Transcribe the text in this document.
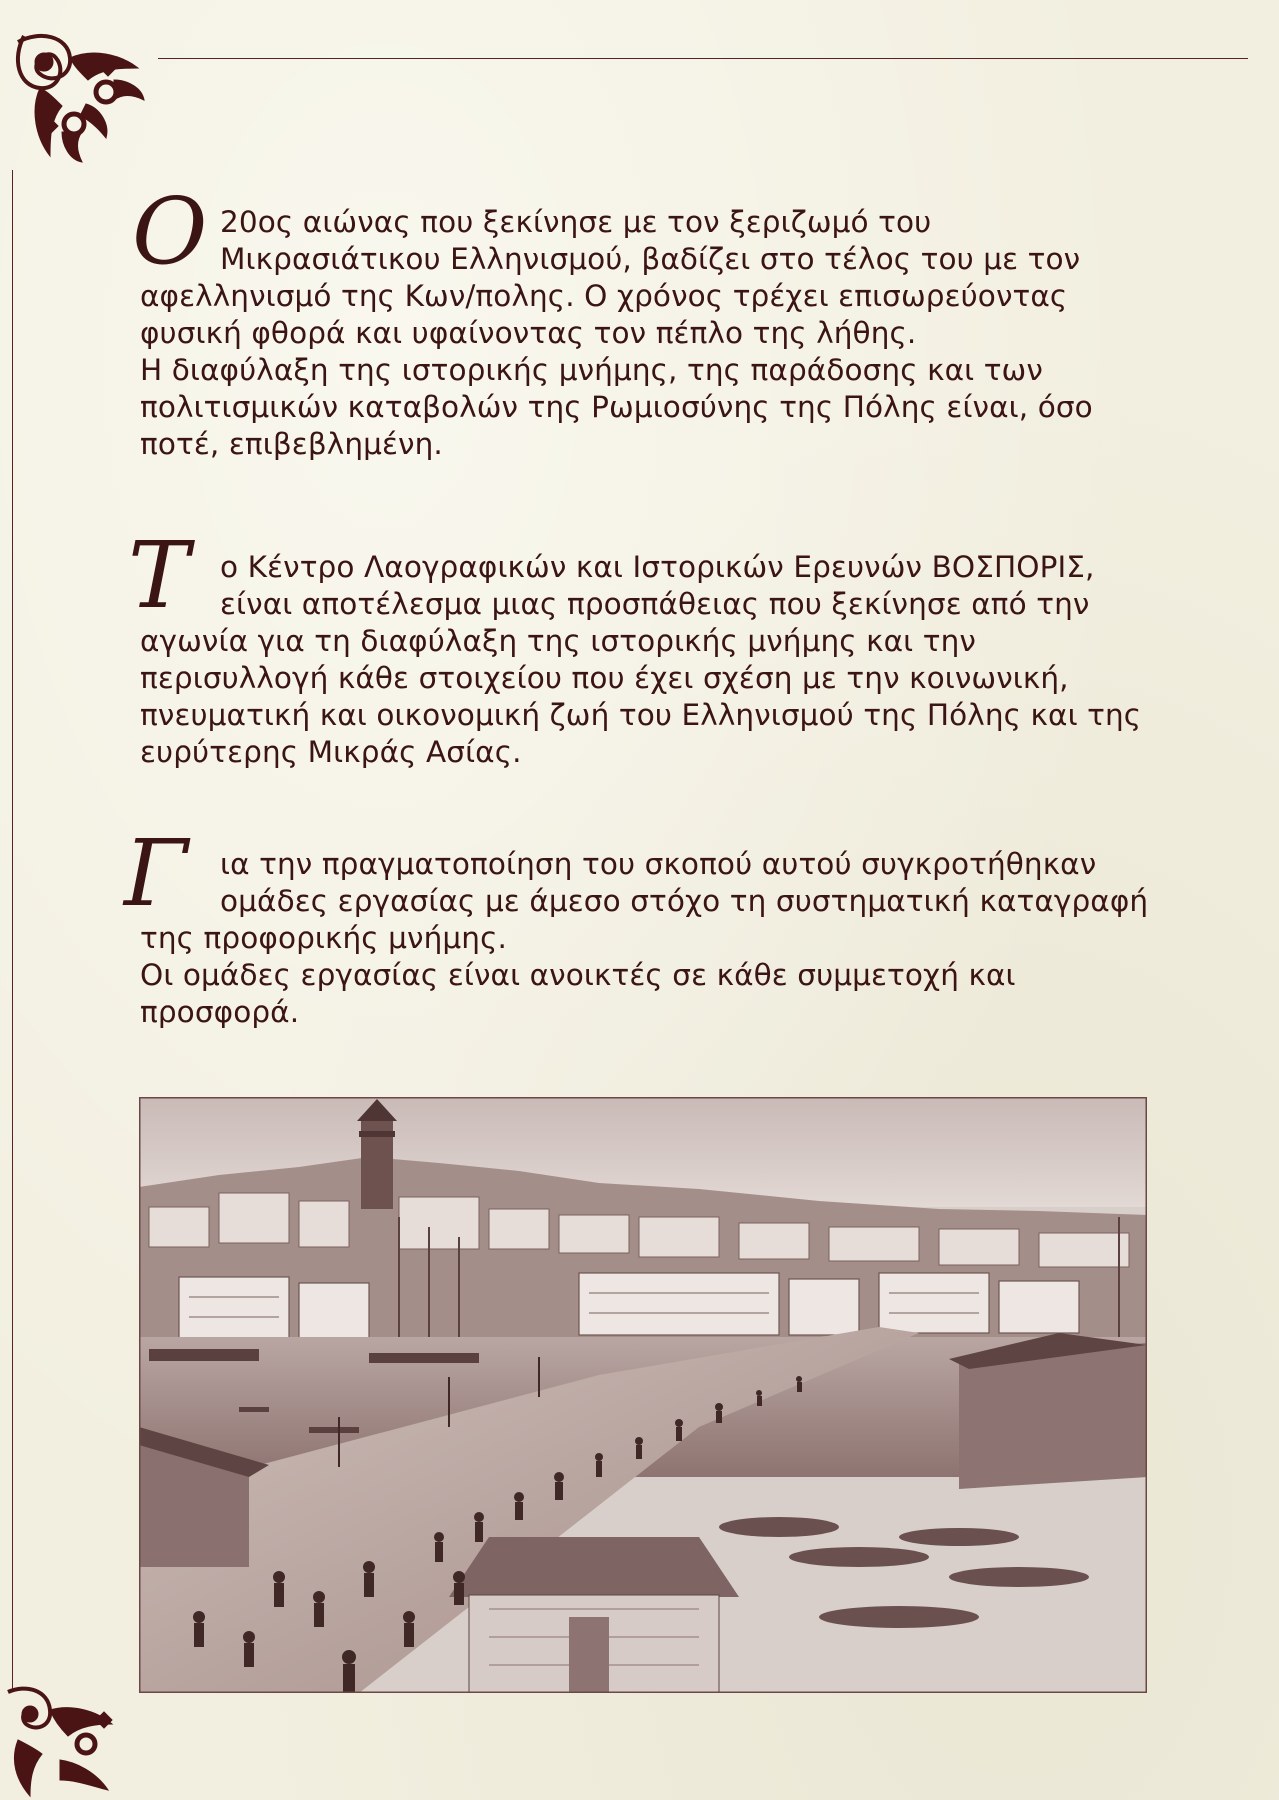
Ο 20ος αιώνας που ξεκίνησε με τον ξεριζωμό του
Μικρασιάτικου Ελληνισμού, βαδίζει στο τέλος του με τον
αφελληνισμό της Κων/πολης. Ο χρόνος τρέχει επισωρεύοντας
φυσική φθορά και υφαίνοντας τον πέπλο της λήθης.
Η διαφύλαξη της ιστορικής μνήμης, της παράδοσης και των
πολιτισμικών καταβολών της Ρωμιοσύνης της Πόλης είναι, όσο
ποτέ, επιβεβλημένη.
Τ	ο Κέντρο Λαογραφικών και Ιστορικών Ερευνών ΒΟΣΠΟΡΙΣ,
είναι αποτέλεσμα μιας προσπάθειας που ξεκίνησε από την
αγωνία για τη διαφύλαξη της ιστορικής μνήμης και την
περισυλλογή κάθε στοιχείου που έχει σχέση με την κοινωνική,
πνευματική και οικονομική ζωή του Ελληνισμού της Πόλης και της
ευρύτερης Μικράς Ασίας.
Γ	ια την πραγματοποίηση του σκοπού αυτού συγκροτήθηκαν
ομάδες εργασίας με άμεσο στόχο τη συστηματική καταγραφή
της προφορικής μνήμης.
Οι ομάδες εργασίας είναι ανοικτές σε κάθε συμμετοχή και
προσφορά.
